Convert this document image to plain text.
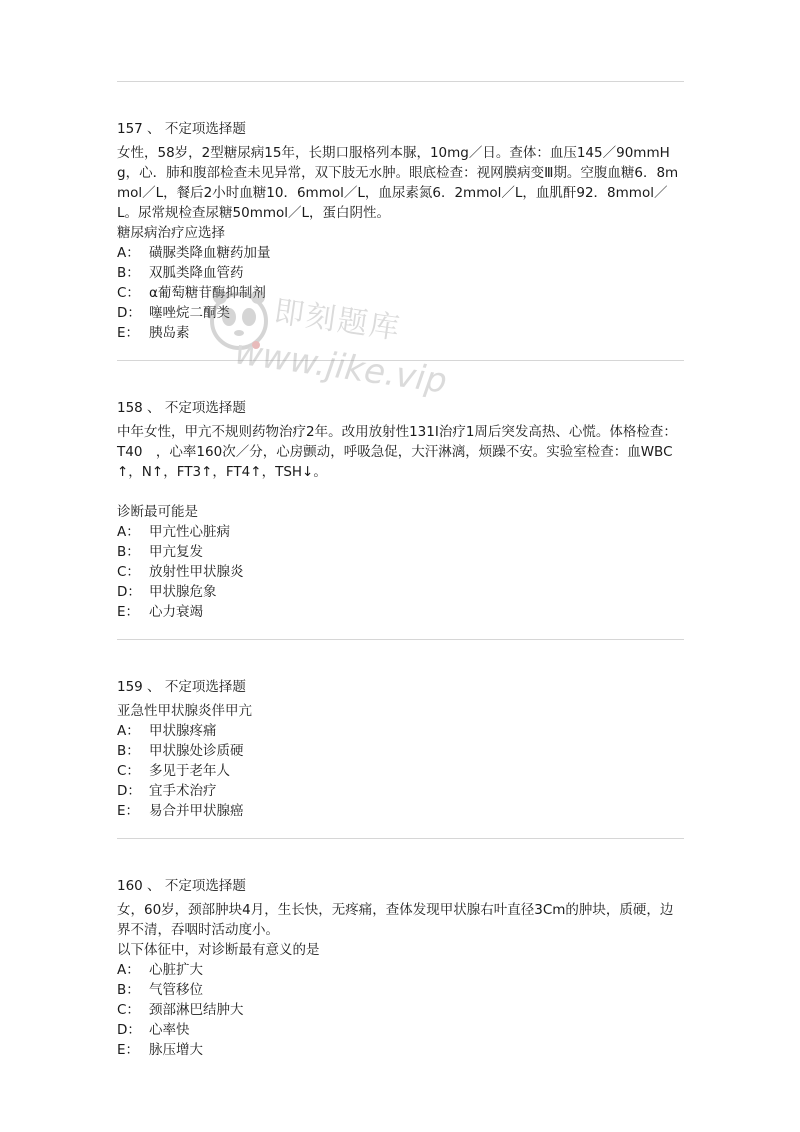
157 、 不定项选择题

女性，58岁，2型糖尿病15年，长期口服格列本脲，10mg／日。查体：血压145／90mmHg，心．肺和腹部检查未见异常，双下肢无水肿。眼底检查：视网膜病变Ⅲ期。空腹血糖6．8mmol／L，餐后2小时血糖10．6mmol／L，血尿素氮6．2mmol／L，血肌酐92．8mmol／L。尿常规检查尿糖50mmol／L，蛋白阴性。

糖尿病治疗应选择

A： 磺脲类降血糖药加量
B： 双胍类降血管药
C： α葡萄糖苷酶抑制剂
D： 噻唑烷二酮类
E： 胰岛素
158 、 不定项选择题

中年女性，甲亢不规则药物治疗2年。改用放射性131I治疗1周后突发高热、心慌。体格检查：T40　，心率160次／分，心房颤动，呼吸急促，大汗淋漓，烦躁不安。实验室检查：血WBC↑，N↑，FT3↑，FT4↑，TSH↓。

诊断最可能是

A： 甲亢性心脏病
B： 甲亢复发
C： 放射性甲状腺炎
D： 甲状腺危象
E： 心力衰竭
159 、 不定项选择题

亚急性甲状腺炎伴甲亢

A： 甲状腺疼痛
B： 甲状腺处诊质硬
C： 多见于老年人
D： 宜手术治疗
E： 易合并甲状腺癌
160 、 不定项选择题

女，60岁，颈部肿块4月，生长快，无疼痛，查体发现甲状腺右叶直径3Cm的肿块，质硬，边界不清，吞咽时活动度小。

以下体征中，对诊断最有意义的是

A： 心脏扩大
B： 气管移位
C： 颈部淋巴结肿大
D： 心率快
E： 脉压增大
即刻题库
www.jike.vip
